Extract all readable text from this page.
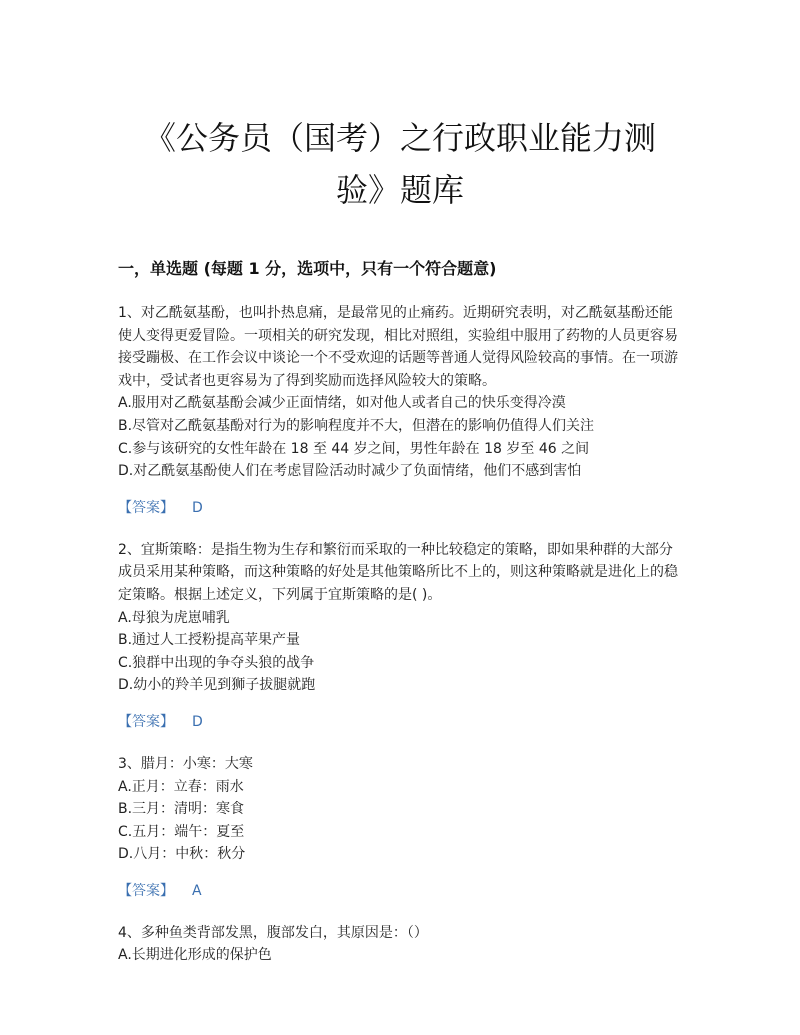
《公务员（国考）之行政职业能力测
验》题库
一，单选题 (每题 1 分，选项中，只有一个符合题意)

1、对乙酰氨基酚，也叫扑热息痛，是最常见的止痛药。近期研究表明，对乙酰氨基酚还能使人变得更爱冒险。一项相关的研究发现，相比对照组，实验组中服用了药物的人员更容易接受蹦极、在工作会议中谈论一个不受欢迎的话题等普通人觉得风险较高的事情。在一项游戏中，受试者也更容易为了得到奖励而选择风险较大的策略。

A.服用对乙酰氨基酚会减少正面情绪，如对他人或者自己的快乐变得冷漠

B.尽管对乙酰氨基酚对行为的影响程度并不大，但潜在的影响仍值得人们关注

C.参与该研究的女性年龄在 18 至 44 岁之间，男性年龄在 18 岁至 46 之间

D.对乙酰氨基酚使人们在考虑冒险活动时减少了负面情绪，他们不感到害怕

【答案】 D

2、宜斯策略：是指生物为生存和繁衍而采取的一种比较稳定的策略，即如果种群的大部分成员采用某种策略，而这种策略的好处是其他策略所比不上的，则这种策略就是进化上的稳定策略。根据上述定义，下列属于宜斯策略的是( )。

A.母狼为虎崽哺乳

B.通过人工授粉提高苹果产量

C.狼群中出现的争夺头狼的战争

D.幼小的羚羊见到狮子拔腿就跑

【答案】 D

3、腊月：小寒：大寒

A.正月：立春：雨水

B.三月：清明：寒食

C.五月：端午：夏至

D.八月：中秋：秋分

【答案】 A

4、多种鱼类背部发黑，腹部发白，其原因是：（）

A.长期进化形成的保护色
